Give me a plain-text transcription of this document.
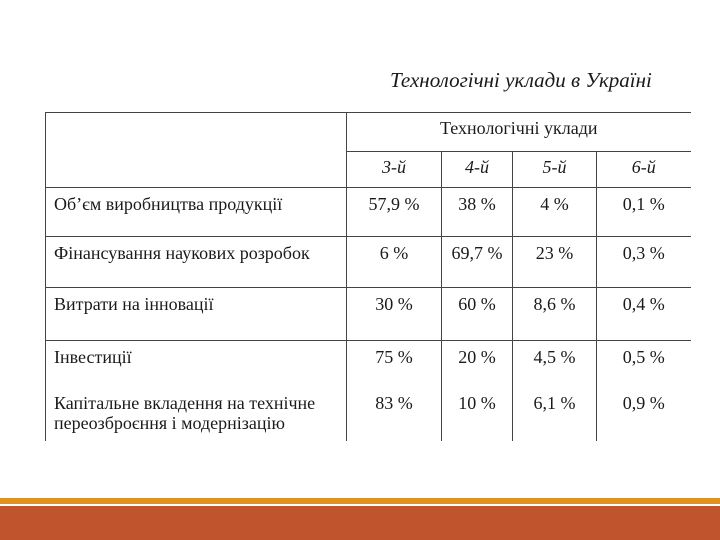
Технологічні уклади в Україні
	Технологічні уклади			
	3-й	4-й	5-й	6-й
Об’єм виробництва продукції	57,9 %	38 %	4 %	0,1 %
Фінансування наукових розробок	6 %	69,7 %	23 %	0,3 %
Витрати на інновації	30 %	60 %	8,6 %	0,4 %
Інвестиції	75 %	20 %	4,5 %	0,5 %
Капітальне вкладення на технічне переозброєння і модернізацію	83 %	10 %	6,1 %	0,9 %
